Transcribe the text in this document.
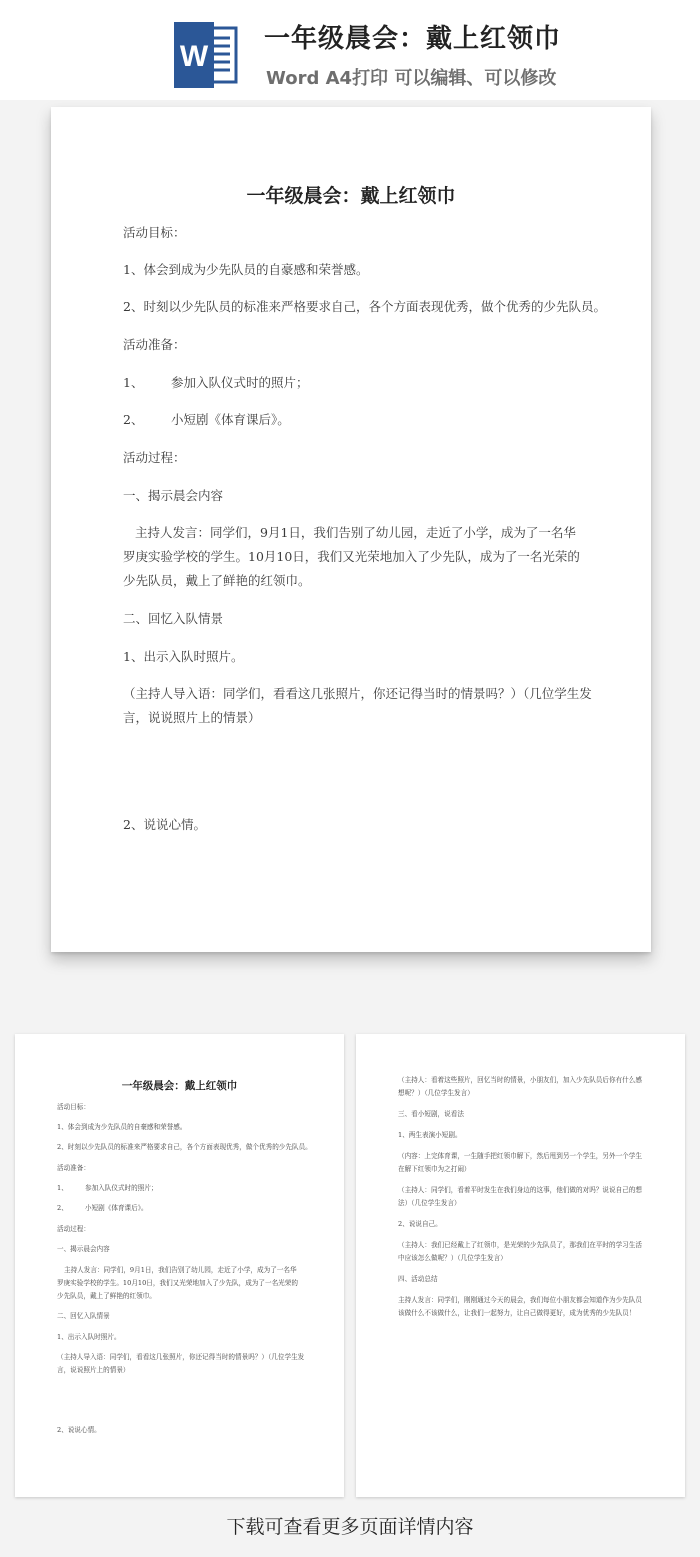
W
一年级晨会：戴上红领巾
Word A4打印 可以编辑、可以修改
一年级晨会：戴上红领巾
活动目标：
1、体会到成为少先队员的自豪感和荣誉感。
2、时刻以少先队员的标准来严格要求自己，各个方面表现优秀，做个优秀的少先队员。
活动准备：
1、 参加入队仪式时的照片；
2、 小短剧《体育课后》。
活动过程：
一、揭示晨会内容
主持人发言：同学们，9月1日，我们告别了幼儿园，走近了小学，成为了一名华
罗庚实验学校的学生。10月10日，我们又光荣地加入了少先队，成为了一名光荣的
少先队员，戴上了鲜艳的红领巾。
二、回忆入队情景
1、出示入队时照片。
（主持人导入语：同学们，看看这几张照片，你还记得当时的情景吗？）（几位学生发
言，说说照片上的情景）
2、说说心情。
一年级晨会：戴上红领巾
活动目标：
1、体会到成为少先队员的自豪感和荣誉感。
2、时刻以少先队员的标准来严格要求自己，各个方面表现优秀，做个优秀的少先队员。
活动准备：
1、	参加入队仪式时的照片；
2、	小短剧《体育课后》。
活动过程：
一、揭示晨会内容
主持人发言：同学们，9月1日，我们告别了幼儿园，走近了小学，成为了一名华
罗庚实验学校的学生。10月10日，我们又光荣地加入了少先队，成为了一名光荣的
少先队员，戴上了鲜艳的红领巾。
二、回忆入队情景
1、出示入队时照片。
（主持人导入语：同学们，看看这几张照片，你还记得当时的情景吗？）（几位学生发
言，说说照片上的情景）
2、说说心情。
（主持人：看着这些照片，回忆当时的情景，小朋友们，加入少先队员后你有什么感
想呢？）（几位学生发言）
三、看小短剧，说看法
1、两生表演小短剧。
（内容：上完体育课，一生随手把红领巾解下，然后甩到另一个学生，另外一个学生
在解下红领巾为之打闹）
（主持人：同学们，看着平时发生在我们身边的这事，他们做的对吗？说说自己的想
法）（几位学生发言）
2、说说自己。
（主持人：我们已经戴上了红领巾，是光荣的少先队员了，那我们在平时的学习生活
中应该怎么做呢？）（几位学生发言）
四、活动总结
主持人发言：同学们，刚刚通过今天的晨会，我们每位小朋友都会知道作为少先队员
该做什么不该做什么，让我们一起努力，让自己做得更好，成为优秀的少先队员！
下载可查看更多页面详情内容
